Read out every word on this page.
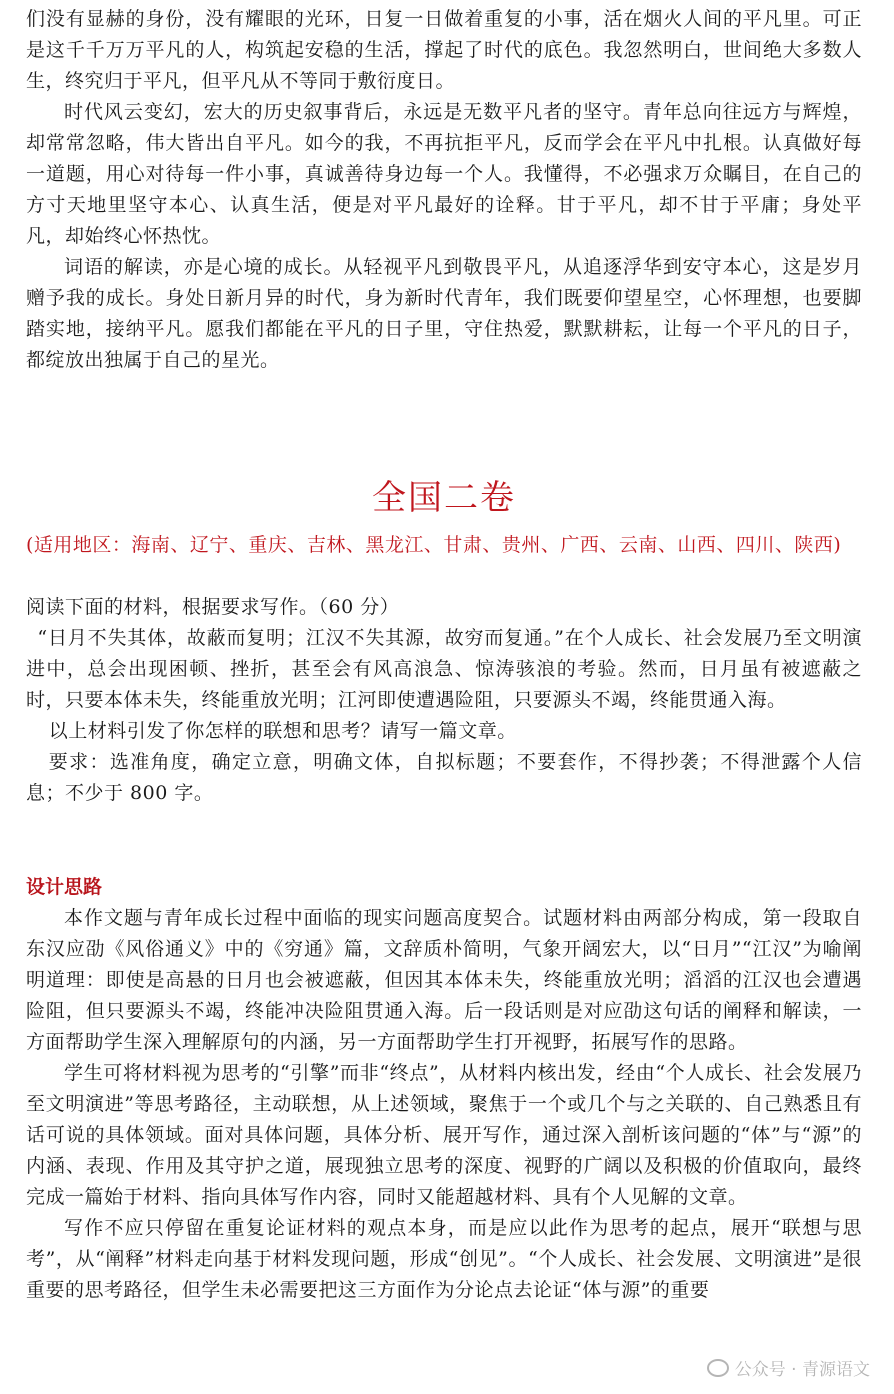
们没有显赫的身份，没有耀眼的光环，日复一日做着重复的小事，活在烟火人间的平凡里。可正是这千千万万平凡的人，构筑起安稳的生活，撑起了时代的底色。我忽然明白，世间绝大多数人生，终究归于平凡，但平凡从不等同于敷衍度日。

时代风云变幻，宏大的历史叙事背后，永远是无数平凡者的坚守。青年总向往远方与辉煌，却常常忽略，伟大皆出自平凡。如今的我，不再抗拒平凡，反而学会在平凡中扎根。认真做好每一道题，用心对待每一件小事，真诚善待身边每一个人。我懂得，不必强求万众瞩目，在自己的方寸天地里坚守本心、认真生活，便是对平凡最好的诠释。甘于平凡，却不甘于平庸；身处平凡，却始终心怀热忱。

词语的解读，亦是心境的成长。从轻视平凡到敬畏平凡，从追逐浮华到安守本心，这是岁月赠予我的成长。身处日新月异的时代，身为新时代青年，我们既要仰望星空，心怀理想，也要脚踏实地，接纳平凡。愿我们都能在平凡的日子里，守住热爱，默默耕耘，让每一个平凡的日子，都绽放出独属于自己的星光。

全国二卷

(适用地区：海南、辽宁、重庆、吉林、黑龙江、甘肃、贵州、广西、云南、山西、四川、陕西)

阅读下面的材料，根据要求写作。（60 分）

“日月不失其体，故蔽而复明；江汉不失其源，故穷而复通。”在个人成长、社会发展乃至文明演进中，总会出现困顿、挫折，甚至会有风高浪急、惊涛骇浪的考验。然而，日月虽有被遮蔽之时，只要本体未失，终能重放光明；江河即使遭遇险阻，只要源头不竭，终能贯通入海。

以上材料引发了你怎样的联想和思考？请写一篇文章。

要求：选准角度，确定立意，明确文体，自拟标题；不要套作，不得抄袭；不得泄露个人信息；不少于 800 字。

设计思路

本作文题与青年成长过程中面临的现实问题高度契合。试题材料由两部分构成，第一段取自东汉应劭《风俗通义》中的《穷通》篇，文辞质朴简明，气象开阔宏大，以“日月”“江汉”为喻阐明道理：即使是高悬的日月也会被遮蔽，但因其本体未失，终能重放光明；滔滔的江汉也会遭遇险阻，但只要源头不竭，终能冲决险阻贯通入海。后一段话则是对应劭这句话的阐释和解读，一方面帮助学生深入理解原句的内涵，另一方面帮助学生打开视野，拓展写作的思路。

学生可将材料视为思考的“引擎”而非“终点”，从材料内核出发，经由“个人成长、社会发展乃至文明演进”等思考路径，主动联想，从上述领域，聚焦于一个或几个与之关联的、自己熟悉且有话可说的具体领域。面对具体问题，具体分析、展开写作，通过深入剖析该问题的“体”与“源”的内涵、表现、作用及其守护之道，展现独立思考的深度、视野的广阔以及积极的价值取向，最终完成一篇始于材料、指向具体写作内容，同时又能超越材料、具有个人见解的文章。

写作不应只停留在重复论证材料的观点本身，而是应以此作为思考的起点，展开“联想与思考”，从“阐释”材料走向基于材料发现问题，形成“创见”。“个人成长、社会发展、文明演进”是很重要的思考路径，但学生未必需要把这三方面作为分论点去论证“体与源”的重要

公众号 · 青源语文
